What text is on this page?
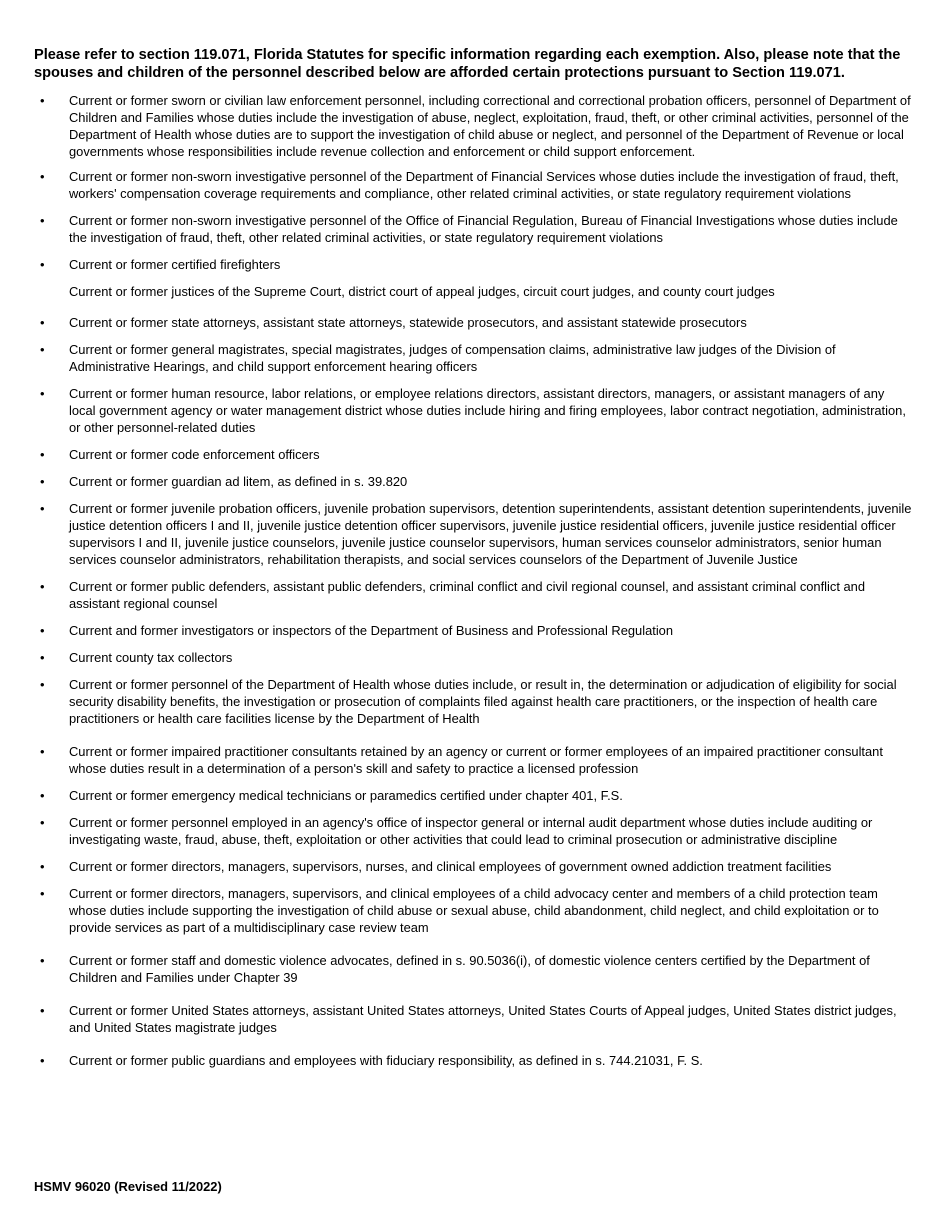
Please refer to section 119.071, Florida Statutes for specific information regarding each exemption. Also, please note that the spouses and children of the personnel described below are afforded certain protections pursuant to Section 119.071.

•	Current or former sworn or civilian law enforcement personnel, including correctional and correctional probation officers, personnel of Department of Children and Families whose duties include the investigation of abuse, neglect, exploitation, fraud, theft, or other criminal activities, personnel of the Department of Health whose duties are to support the investigation of child abuse or neglect, and personnel of the Department of Revenue or local governments whose responsibilities include revenue collection and enforcement or child support enforcement.
•	Current or former non-sworn investigative personnel of the Department of Financial Services whose duties include the investigation of fraud, theft, workers' compensation coverage requirements and compliance, other related criminal activities, or state regulatory requirement violations
•	Current or former non-sworn investigative personnel of the Office of Financial Regulation, Bureau of Financial Investigations whose duties include the investigation of fraud, theft, other related criminal activities, or state regulatory requirement violations
•	Current or former certified firefighters
Current or former justices of the Supreme Court, district court of appeal judges, circuit court judges, and county court judges
•	Current or former state attorneys, assistant state attorneys, statewide prosecutors, and assistant statewide prosecutors
•	Current or former general magistrates, special magistrates, judges of compensation claims, administrative law judges of the Division of Administrative Hearings, and child support enforcement hearing officers
•	Current or former human resource, labor relations, or employee relations directors, assistant directors, managers, or assistant managers of any local government agency or water management district whose duties include hiring and firing employees, labor contract negotiation, administration, or other personnel-related duties
•	Current or former code enforcement officers
•	Current or former guardian ad litem, as defined in s. 39.820
•	Current or former juvenile probation officers, juvenile probation supervisors, detention superintendents, assistant detention superintendents, juvenile justice detention officers I and II, juvenile justice detention officer supervisors, juvenile justice residential officers, juvenile justice residential officer supervisors I and II, juvenile justice counselors, juvenile justice counselor supervisors, human services counselor administrators, senior human services counselor administrators, rehabilitation therapists, and social services counselors of the Department of Juvenile Justice
•	Current or former public defenders, assistant public defenders, criminal conflict and civil regional counsel, and assistant criminal conflict and assistant regional counsel
•	Current and former investigators or inspectors of the Department of Business and Professional Regulation
•	Current county tax collectors
•	Current or former personnel of the Department of Health whose duties include, or result in, the determination or adjudication of eligibility for social security disability benefits, the investigation or prosecution of complaints filed against health care practitioners, or the inspection of health care practitioners or health care facilities license by the Department of Health
•	Current or former impaired practitioner consultants retained by an agency or current or former employees of an impaired practitioner consultant whose duties result in a determination of a person's skill and safety to practice a licensed profession
•	Current or former emergency medical technicians or paramedics certified under chapter 401, F.S.
•	Current or former personnel employed in an agency's office of inspector general or internal audit department whose duties include auditing or investigating waste, fraud, abuse, theft, exploitation or other activities that could lead to criminal prosecution or administrative discipline
•	Current or former directors, managers, supervisors, nurses, and clinical employees of government owned addiction treatment facilities
•	Current or former directors, managers, supervisors, and clinical employees of a child advocacy center and members of a child protection team whose duties include supporting the investigation of child abuse or sexual abuse, child abandonment, child neglect, and child exploitation or to provide services as part of a multidisciplinary case review team
•	Current or former staff and domestic violence advocates, defined in s. 90.5036(i), of domestic violence centers certified by the Department of Children and Families under Chapter 39
•	Current or former United States attorneys, assistant United States attorneys, United States Courts of Appeal judges, United States district judges, and United States magistrate judges
•	Current or former public guardians and employees with fiduciary responsibility, as defined in s. 744.21031, F. S.
HSMV 96020 (Revised 11/2022)
